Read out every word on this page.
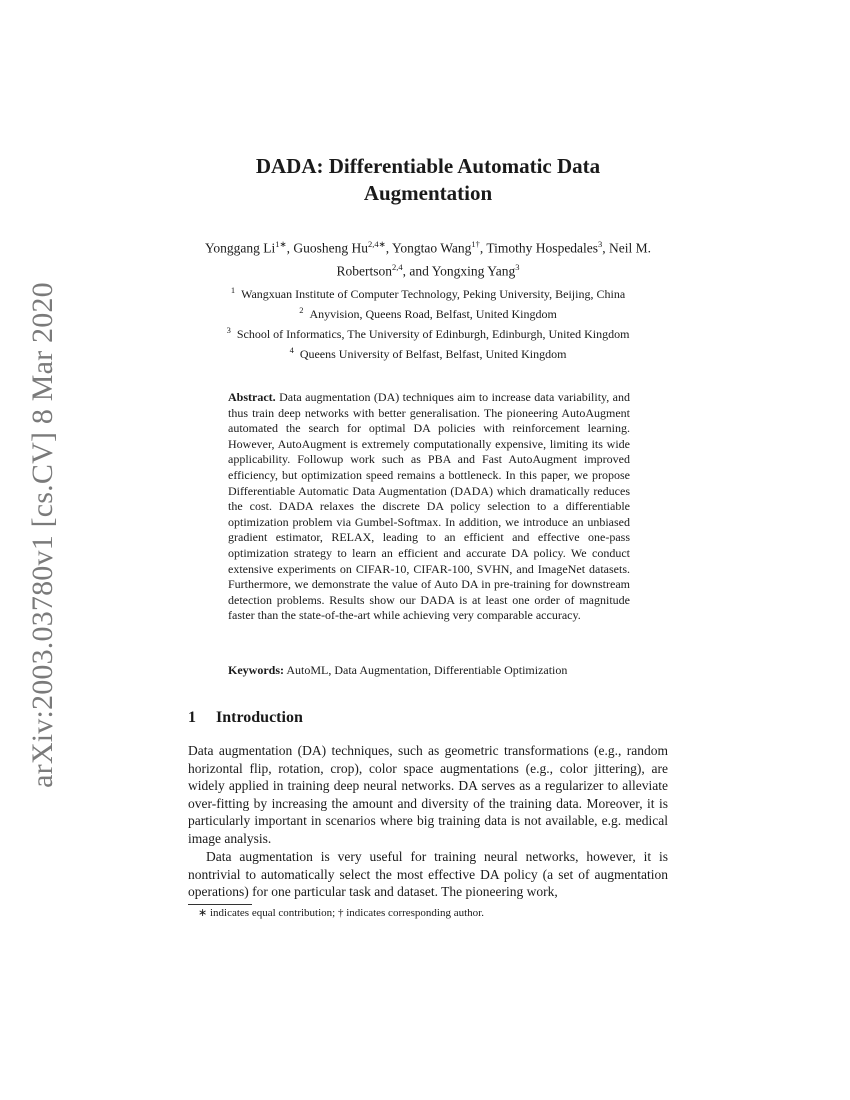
arXiv:2003.03780v1 [cs.CV] 8 Mar 2020
DADA: Differentiable Automatic Data Augmentation
Yonggang $Li^{1∗}$, Guosheng $Hu^{2,4∗}$, Yongtao Wang$^{1\dagger}$, Timothy Hospedales$^3$, Neil M. Robertson$^{2,4}$, and Yongxing Yang$^3$
$^1$ Wangxuan Institute of Computer Technology, Peking University, Beijing, China
$^2$ Anyvision, Queens Road, Belfast, United Kingdom
$^3$ School of Informatics, The University of Edinburgh, Edinburgh, United Kingdom
$^4$ Queens University of Belfast, Belfast, United Kingdom

Abstract. Data augmentation (DA) techniques aim to increase data variability, and thus train deep networks with better generalisation. The pioneering AutoAugment automated the search for optimal DA policies with reinforcement learning. However, AutoAugment is extremely computationally expensive, limiting its wide applicability. Followup work such as PBA and Fast AutoAugment improved efficiency, but optimization speed remains a bottleneck. In this paper, we propose Differentiable Automatic Data Augmentation (DADA) which dramatically reduces the cost. DADA relaxes the discrete DA policy selection to a differentiable optimization problem via Gumbel-Softmax. In addition, we introduce an unbiased gradient estimator, RELAX, leading to an efficient and effective one-pass optimization strategy to learn an efficient and accurate DA policy. We conduct extensive experiments on CIFAR-10, CIFAR-100, SVHN, and ImageNet datasets. Furthermore, we demonstrate the value of Auto DA in pre-training for downstream detection problems. Results show our DADA is at least one order of magnitude faster than the state-of-the-art while achieving very comparable accuracy.

Keywords: AutoML, Data Augmentation, Differentiable Optimization

1 Introduction

Data augmentation (DA) techniques, such as geometric transformations (e.g., random horizontal flip, rotation, crop), color space augmentations (e.g., color jittering), are widely applied in training deep neural networks. DA serves as a regularizer to alleviate over-fitting by increasing the amount and diversity of the training data. Moreover, it is particularly important in scenarios where big training data is not available, e.g. medical image analysis.

Data augmentation is very useful for training neural networks, however, it is nontrivial to automatically select the most effective DA policy (a set of augmentation operations) for one particular task and dataset. The pioneering work,

∗ indicates equal contribution; † indicates corresponding author.
